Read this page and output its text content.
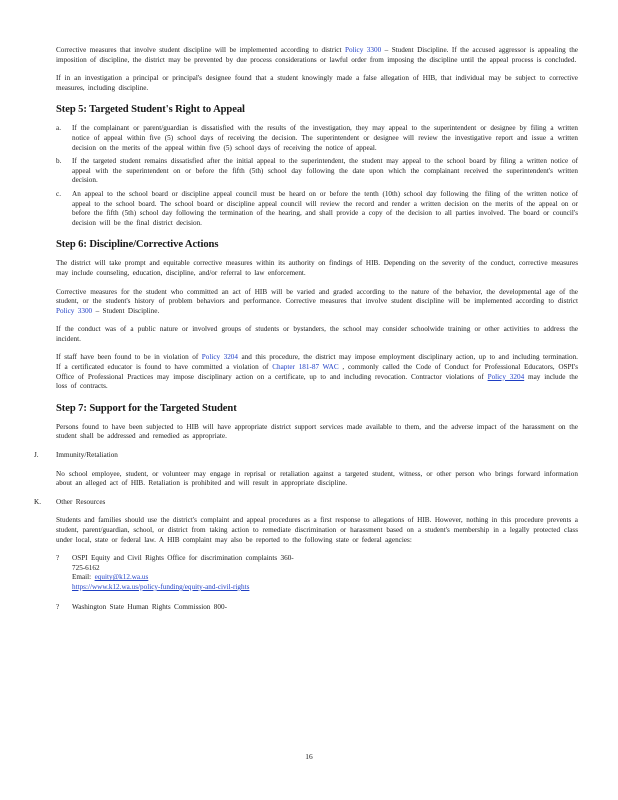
Corrective measures that involve student discipline will be implemented according to district Policy 3300 – Student Discipline. If the accused aggressor is appealing the imposition of discipline, the district may be prevented by due process considerations or lawful order from imposing the discipline until the appeal process is concluded.

If in an investigation a principal or principal's designee found that a student knowingly made a false allegation of HIB, that individual may be subject to corrective measures, including discipline.

Step 5: Targeted Student's Right to Appeal
a. If the complainant or parent/guardian is dissatisfied with the results of the investigation, they may appeal to the superintendent or designee by filing a written notice of appeal within five (5) school days of receiving the decision. The superintendent or designee will review the investigative report and issue a written decision on the merits of the appeal within five (5) school days of receiving the notice of appeal.

b. If the targeted student remains dissatisfied after the initial appeal to the superintendent, the student may appeal to the school board by filing a written notice of appeal with the superintendent on or before the fifth (5th) school day following the date upon which the complainant received the superintendent's written decision.

c. An appeal to the school board or discipline appeal council must be heard on or before the tenth (10th) school day following the filing of the written notice of appeal to the school board. The school board or discipline appeal council will review the record and render a written decision on the merits of the appeal on or before the fifth (5th) school day following the termination of the hearing, and shall provide a copy of the decision to all parties involved. The board or council's decision will be the final district decision.

Step 6: Discipline/Corrective Actions

The district will take prompt and equitable corrective measures within its authority on findings of HIB. Depending on the severity of the conduct, corrective measures may include counseling, education, discipline, and/or referral to law enforcement.

Corrective measures for the student who committed an act of HIB will be varied and graded according to the nature of the behavior, the developmental age of the student, or the student's history of problem behaviors and performance. Corrective measures that involve student discipline will be implemented according to district Policy 3300 – Student Discipline.

If the conduct was of a public nature or involved groups of students or bystanders, the school may consider schoolwide training or other activities to address the incident.

If staff have been found to be in violation of Policy 3204 and this procedure, the district may impose employment disciplinary action, up to and including termination. If a certificated educator is found to have committed a violation of Chapter 181-87 WAC , commonly called the Code of Conduct for Professional Educators, OSPI's Office of Professional Practices may impose disciplinary action on a certificate, up to and including revocation. Contractor violations of Policy 3204 may include the loss of contracts.

Step 7: Support for the Targeted Student

Persons found to have been subjected to HIB will have appropriate district support services made available to them, and the adverse impact of the harassment on the student shall be addressed and remedied as appropriate.

J. Immunity/Retaliation

No school employee, student, or volunteer may engage in reprisal or retaliation against a targeted student, witness, or other person who brings forward information about an alleged act of HIB. Retaliation is prohibited and will result in appropriate discipline.

K. Other Resources

Students and families should use the district's complaint and appeal procedures as a first response to allegations of HIB. However, nothing in this procedure prevents a student, parent/guardian, school, or district from taking action to remediate discrimination or harassment based on a student's membership in a legally protected class under local, state or federal law. A HIB complaint may also be reported to the following state or federal agencies:

? OSPI Equity and Civil Rights Office for discrimination complaints 360-

725-6162

Email: equity@k12.wa.us

https://www.k12.wa.us/policy-funding/equity-and-civil-rights

? Washington State Human Rights Commission 800-

16
